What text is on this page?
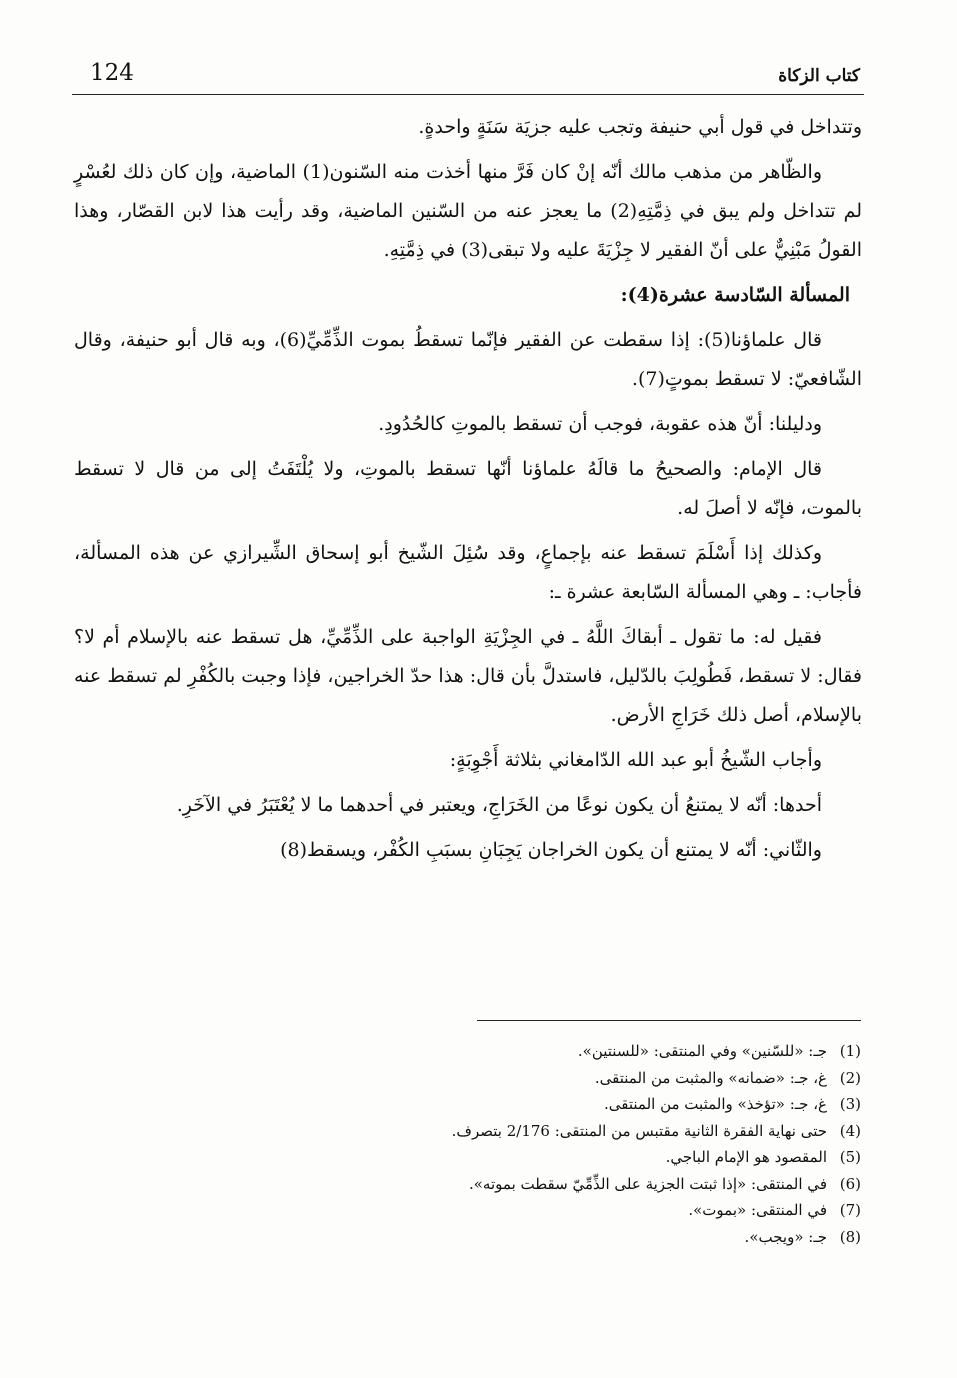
124	كتاب الزكاة

وتتداخل في قول أبي حنيفة وتجب عليه جزيَة سَنَةٍ واحدةٍ.

والظّاهر من مذهب مالك أنّه إنْ كان فَرَّ منها أخذت منه السّنون(1) الماضية، وإن كان ذلك لعُسْرٍ لم تتداخل ولم يبق في ذِمَّتِهِ(2) ما يعجز عنه من السّنين الماضية، وقد رأيت هذا لابن القصّار، وهذا القولُ مَبْنِيٌّ على أنّ الفقير لا جِزْيَةَ عليه ولا تبقى(3) في ذِمَّتِهِ.

المسألة السّادسة عشرة(4):

قال علماؤنا(5): إذا سقطت عن الفقير فإنّما تسقطُ بموت الذِّمِّيِّ(6)، وبه قال أبو حنيفة، وقال الشّافعيّ: لا تسقط بموتٍ(7).

ودليلنا: أنّ هذه عقوبة، فوجب أن تسقط بالموتِ كالحُدُودِ.

قال الإمام: والصحيحُ ما قالَهُ علماؤنا أنّها تسقط بالموتِ، ولا يُلْتَفَتُ إلى من قال لا تسقط بالموت، فإنّه لا أصلَ له.

وكذلك إذا أَسْلَمَ تسقط عنه بإجماعٍ، وقد سُئِلَ الشّيخ أبو إسحاق الشِّيرازي عن هذه المسألة، فأجاب: ـ وهي المسألة السّابعة عشرة ـ:

فقيل له: ما تقول ـ أبقاكَ اللَّهُ ـ في الجِزْيَةِ الواجبة على الذِّمِّيِّ، هل تسقط عنه بالإسلام أم لا؟ فقال: لا تسقط، فَطُولِبَ بالدّليل، فاستدلَّ بأن قال: هذا حدّ الخراجين، فإذا وجبت بالكُفْرِ لم تسقط عنه بالإسلام، أصل ذلك خَرَاجِ الأرض.

وأجاب الشّيخُ أبو عبد الله الدّامغاني بثلاثة أَجْوِبَةٍ:

أحدها: أنّه لا يمتنعُ أن يكون نوعًا من الخَرَاجِ، ويعتبر في أحدهما ما لا يُعْتَبَرُ في الآخَرِ.

والثّاني: أنّه لا يمتنع أن يكون الخراجان يَجِبَانِ بسبَبِ الكُفْر، ويسقط(8)

(1)
جـ: «للسّنين» وفي المنتقى: «للسنتين».
(2)
غ، جـ: «ضمانه» والمثبت من المنتقى.
(3)
غ، جـ: «تؤخذ» والمثبت من المنتقى.
(4)
حتى نهاية الفقرة الثانية مقتبس من المنتقى: 2/176 بتصرف.
(5)
المقصود هو الإمام الباجي.
(6)
في المنتقى: «إذا ثبتت الجزية على الذِّمِّيّ سقطت بموته».
(7)
في المنتقى: «بموت».
(8)
جـ: «ويجب».
